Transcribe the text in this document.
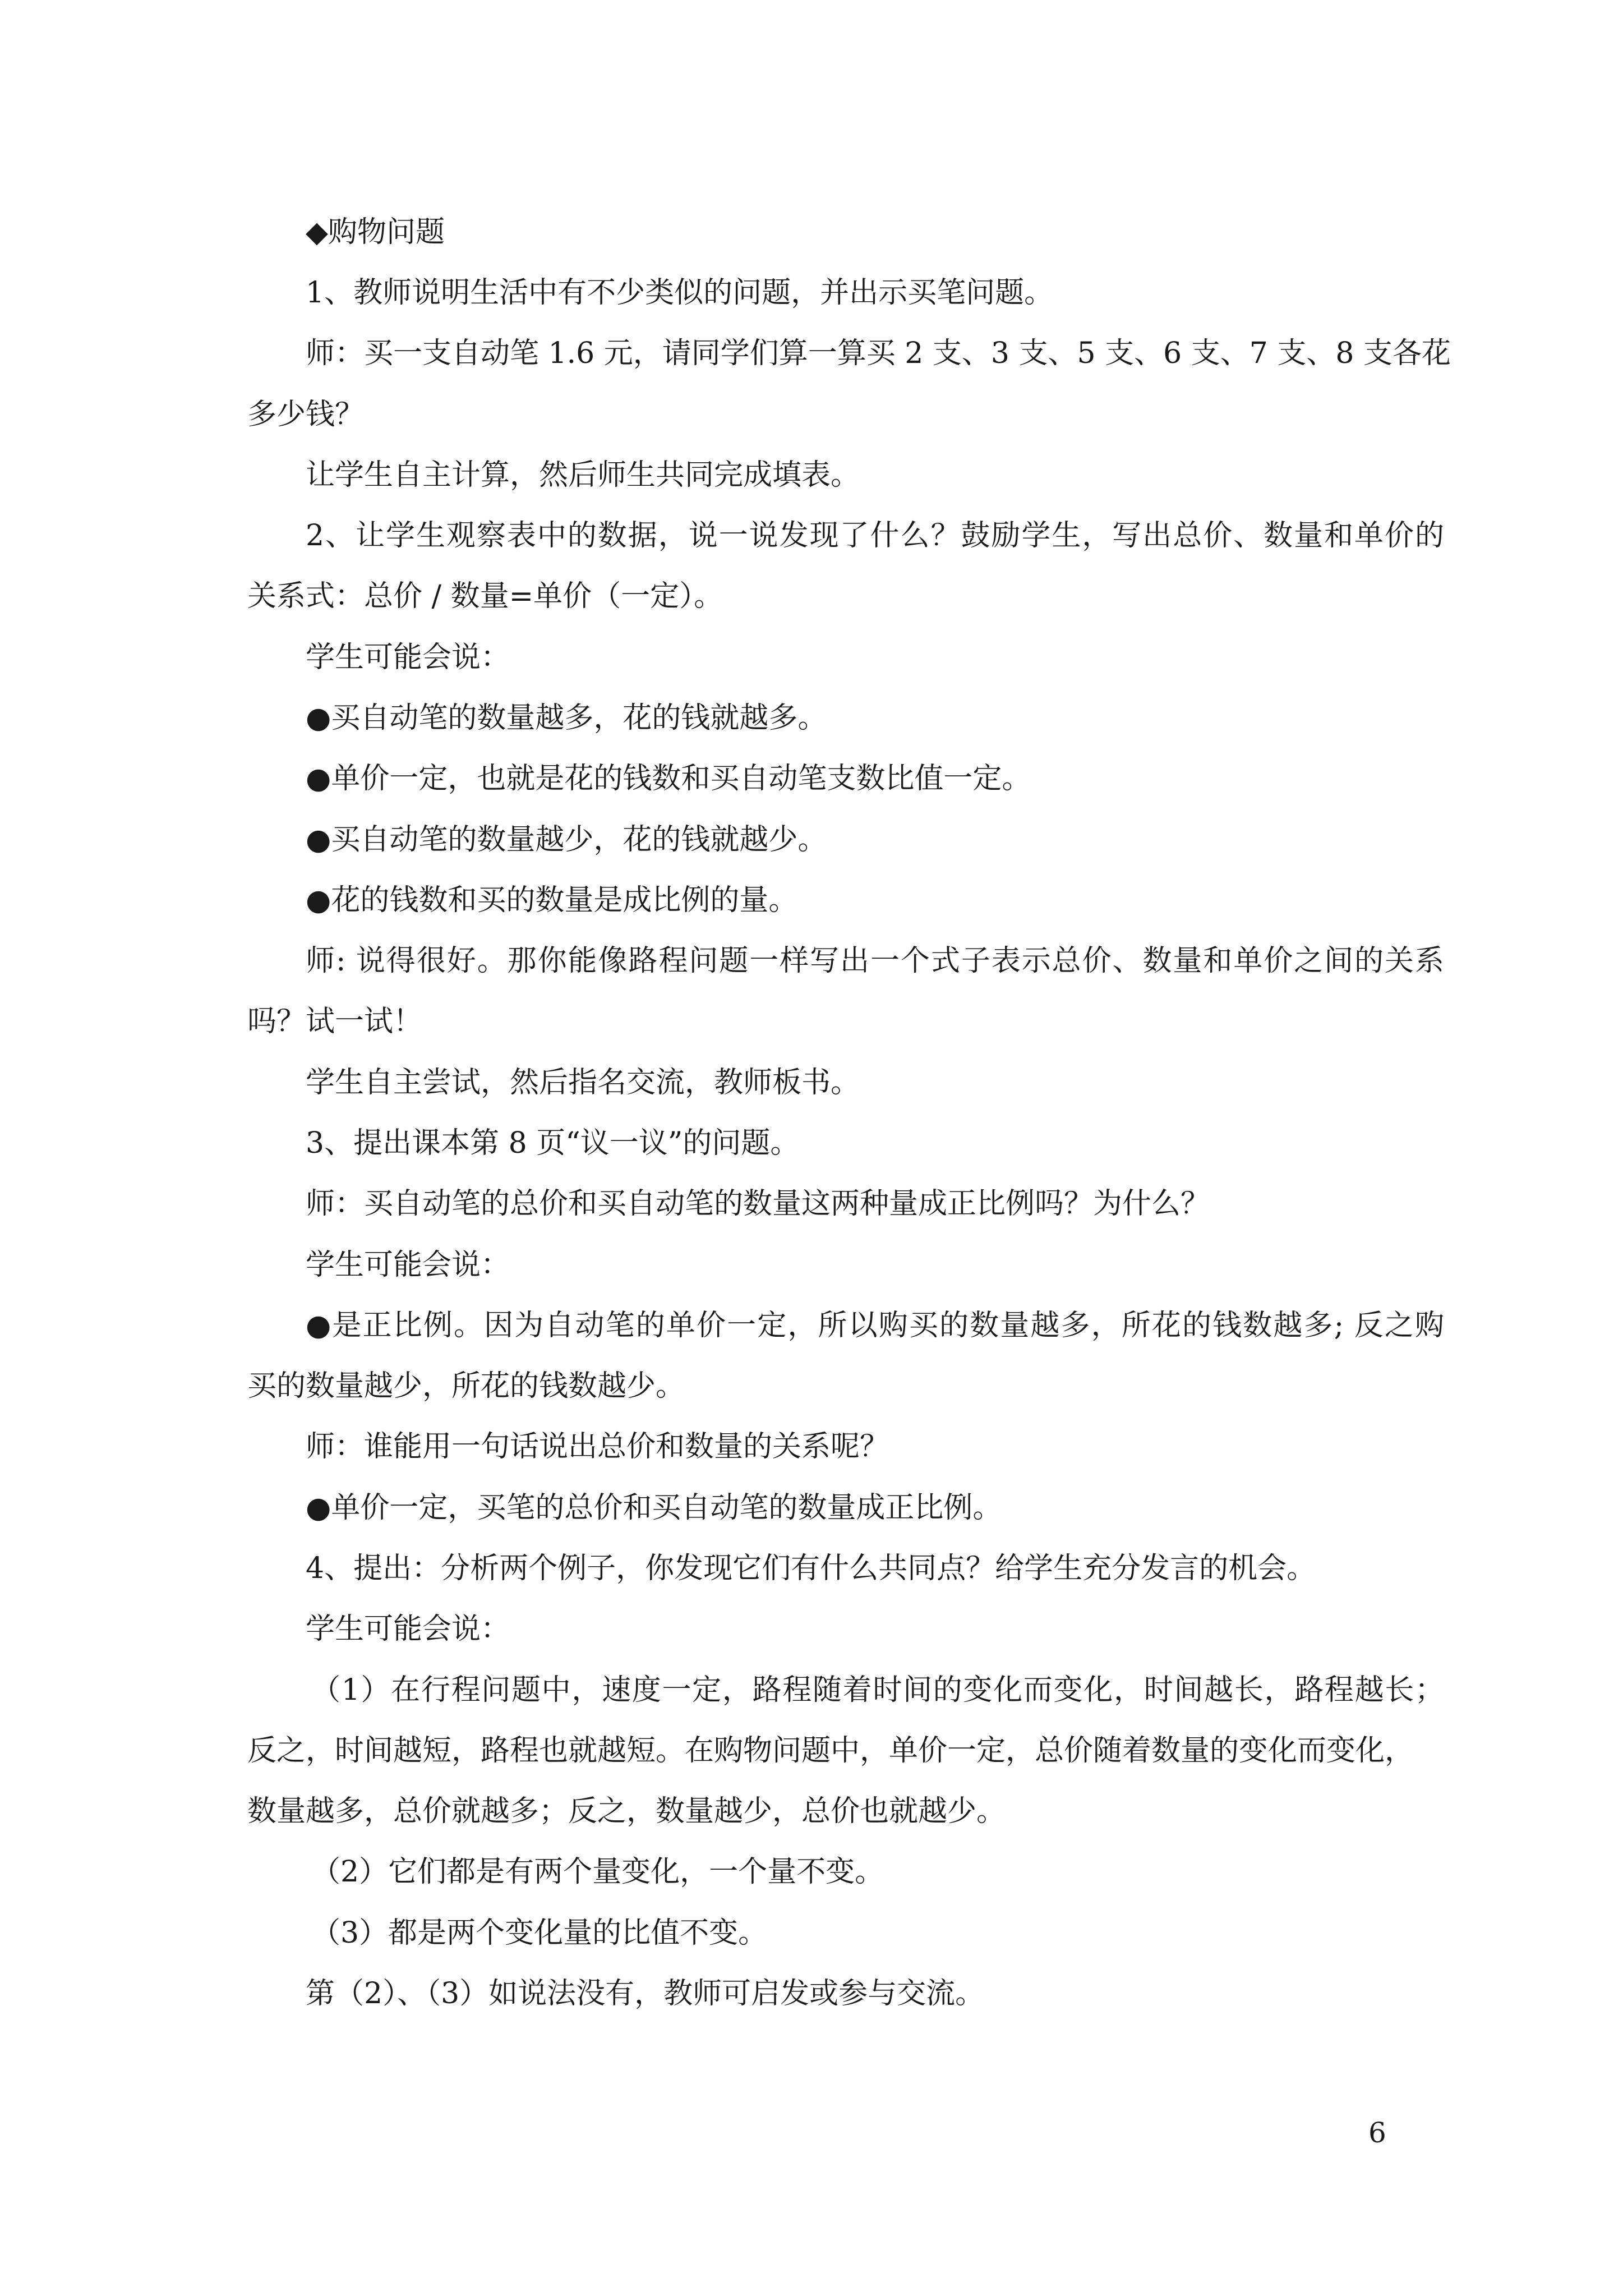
◆购物问题
1、教师说明生活中有不少类似的问题，并出示买笔问题。
师：买一支自动笔 1.6 元，请同学们算一算买 2 支、3 支、5 支、6 支、7 支、8 支各花
多少钱？
让学生自主计算，然后师生共同完成填表。
2、让学生观察表中的数据，说一说发现了什么？鼓励学生，写出总价、数量和单价的
关系式：总价 / 数量=单价（一定）。
学生可能会说：
●买自动笔的数量越多，花的钱就越多。
●单价一定，也就是花的钱数和买自动笔支数比值一定。
●买自动笔的数量越少，花的钱就越少。
●花的钱数和买的数量是成比例的量。
师: 说得很好。那你能像路程问题一样写出一个式子表示总价、数量和单价之间的关系
吗？试一试！
学生自主尝试，然后指名交流，教师板书。
3、提出课本第 8 页“议一议”的问题。
师：买自动笔的总价和买自动笔的数量这两种量成正比例吗？为什么？
学生可能会说：
●是正比例。因为自动笔的单价一定，所以购买的数量越多，所花的钱数越多; 反之购
买的数量越少，所花的钱数越少。
师：谁能用一句话说出总价和数量的关系呢？
●单价一定，买笔的总价和买自动笔的数量成正比例。
4、提出：分析两个例子，你发现它们有什么共同点？给学生充分发言的机会。
学生可能会说：
（1）在行程问题中，速度一定，路程随着时间的变化而变化，时间越长，路程越长；
反之，时间越短，路程也就越短。在购物问题中，单价一定，总价随着数量的变化而变化，
数量越多，总价就越多；反之，数量越少，总价也就越少。
（2）它们都是有两个量变化，一个量不变。
（3）都是两个变化量的比值不变。
第（2）、（3）如说法没有，教师可启发或参与交流。
6
